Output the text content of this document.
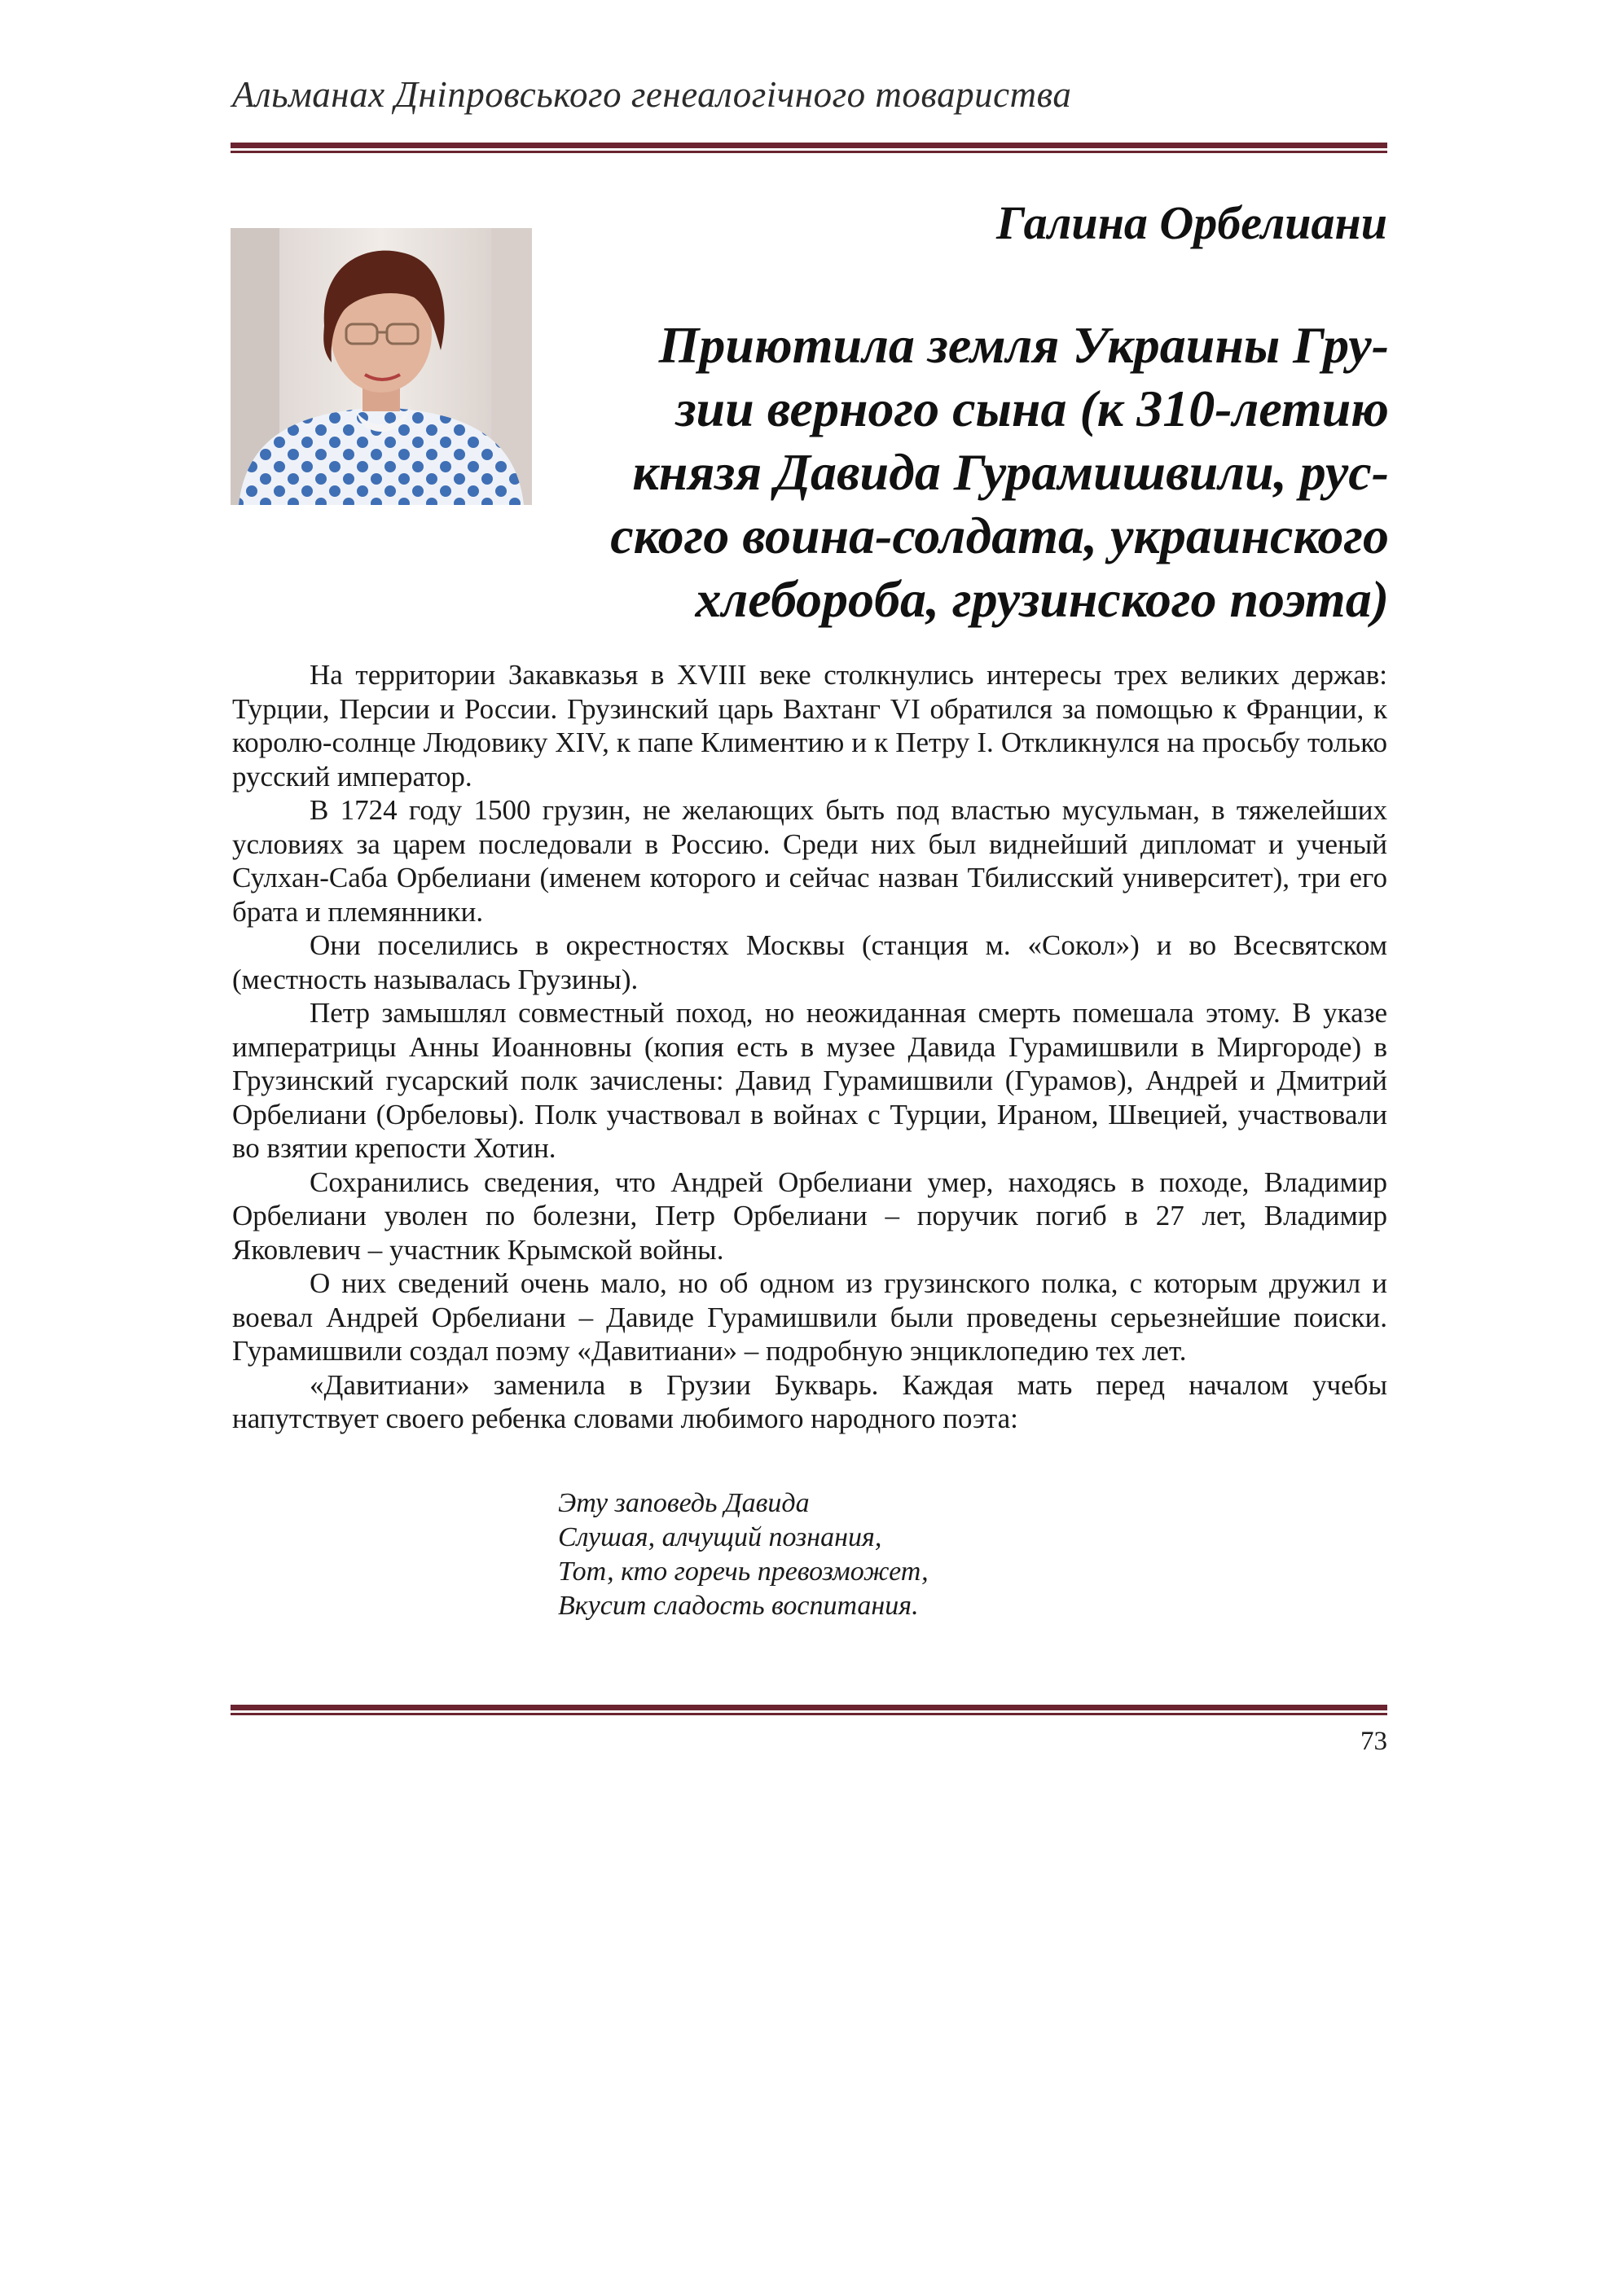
Альманах Дніпровського генеалогічного товариства
Галина Орбелиани
Приютила земля Украины Гру-
зии верного сына (к 310-летию
князя Давида Гурамишвили, рус-
ского воина-солдата, украинского
хлебороба, грузинского поэта)

На территории Закавказья в XVIII веке столкнулись интересы трех великих держав: Турции, Персии и России. Грузинский царь Вахтанг VI обратился за помощью к Франции, к королю-солнце Людовику XIV, к папе Климентию и к Петру I. Откликнулся на просьбу только русский император.

В 1724 году 1500 грузин, не желающих быть под властью мусульман, в тяжелейших условиях за царем последовали в Россию. Среди них был виднейший дипломат и ученый Сулхан-Саба Орбелиани (именем которого и сейчас назван Тбилисский университет), три его брата и племянники.

Они поселились в окрестностях Москвы (станция м. «Сокол») и во Всесвятском (местность называлась Грузины).

Петр замышлял совместный поход, но неожиданная смерть помешала этому. В указе императрицы Анны Иоанновны (копия есть в музее Давида Гурамишвили в Миргороде) в Грузинский гусарский полк зачислены: Давид Гурамишвили (Гурамов), Андрей и Дмитрий Орбелиани (Орбеловы). Полк участвовал в войнах с Турции, Ираном, Швецией, участвовали во взятии крепости Хотин.

Сохранились сведения, что Андрей Орбелиани умер, находясь в походе, Владимир Орбелиани уволен по болезни, Петр Орбелиани – поручик погиб в 27 лет, Владимир Яковлевич – участник Крымской войны.

О них сведений очень мало, но об одном из грузинского полка, с которым дружил и воевал Андрей Орбелиани – Давиде Гурамишвили были проведены серьезнейшие поиски. Гурамишвили создал поэму «Давитиани» – подробную энциклопедию тех лет.

«Давитиани» заменила в Грузии Букварь. Каждая мать перед началом учебы напутствует своего ребенка словами любимого народного поэта:

Эту заповедь Давида
Слушая, алчущий познания,
Тот, кто горечь превозможет,
Вкусит сладость воспитания.
73
